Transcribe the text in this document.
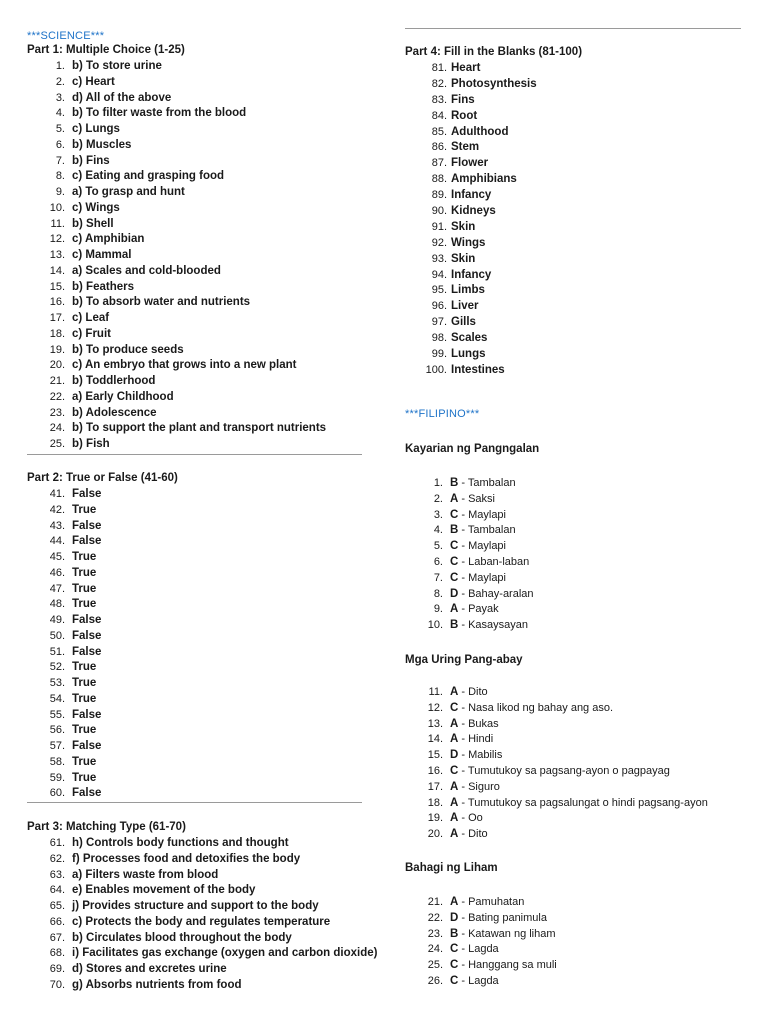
***SCIENCE***
Part 1: Multiple Choice (1-25)
1. b) To store urine
2. c) Heart
3. d) All of the above
4. b) To filter waste from the blood
5. c) Lungs
6. b) Muscles
7. b) Fins
8. c) Eating and grasping food
9. a) To grasp and hunt
10. c) Wings
11. b) Shell
12. c) Amphibian
13. c) Mammal
14. a) Scales and cold-blooded
15. b) Feathers
16. b) To absorb water and nutrients
17. c) Leaf
18. c) Fruit
19. b) To produce seeds
20. c) An embryo that grows into a new plant
21. b) Toddlerhood
22. a) Early Childhood
23. b) Adolescence
24. b) To support the plant and transport nutrients
25. b) Fish
Part 2: True or False (41-60)
41. False
42. True
43. False
44. False
45. True
46. True
47. True
48. True
49. False
50. False
51. False
52. True
53. True
54. True
55. False
56. True
57. False
58. True
59. True
60. False
Part 3: Matching Type (61-70)
61. h) Controls body functions and thought
62. f) Processes food and detoxifies the body
63. a) Filters waste from blood
64. e) Enables movement of the body
65. j) Provides structure and support to the body
66. c) Protects the body and regulates temperature
67. b) Circulates blood throughout the body
68. i) Facilitates gas exchange (oxygen and carbon dioxide)
69. d) Stores and excretes urine
70. g) Absorbs nutrients from food
Part 4: Fill in the Blanks (81-100)
81. Heart
82. Photosynthesis
83. Fins
84. Root
85. Adulthood
86. Stem
87. Flower
88. Amphibians
89. Infancy
90. Kidneys
91. Skin
92. Wings
93. Skin
94. Infancy
95. Limbs
96. Liver
97. Gills
98. Scales
99. Lungs
100. Intestines
***FILIPINO***
Kayarian ng Pangngalan
1. B - Tambalan
2. A - Saksi
3. C - Maylapi
4. B - Tambalan
5. C - Maylapi
6. C - Laban-laban
7. C - Maylapi
8. D - Bahay-aralan
9. A - Payak
10. B - Kasaysayan
Mga Uring Pang-abay
11. A - Dito
12. C - Nasa likod ng bahay ang aso.
13. A - Bukas
14. A - Hindi
15. D - Mabilis
16. C - Tumutukoy sa pagsang-ayon o pagpayag
17. A - Siguro
18. A - Tumutukoy sa pagsalungat o hindi pagsang-ayon
19. A - Oo
20. A - Dito
Bahagi ng Liham
21. A - Pamuhatan
22. D - Bating panimula
23. B - Katawan ng liham
24. C - Lagda
25. C - Hanggang sa muli
26. C - Lagda
